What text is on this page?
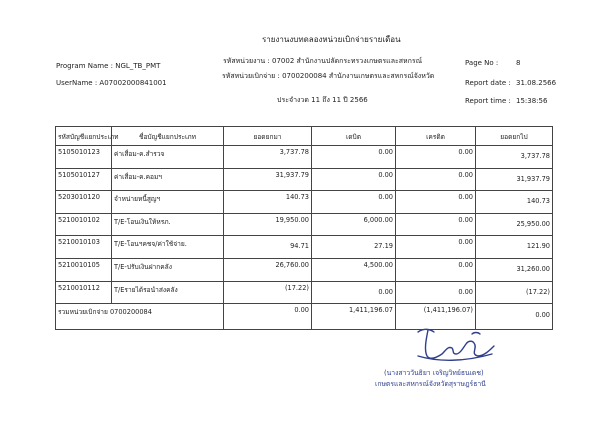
รายงานงบทดลองหน่วยเบิกจ่ายรายเดือน
Program Name : NGL_TB_PMT
UserName : A07002000841001
รหัสหน่วยงาน : 07002 สำนักงานปลัดกระทรวงเกษตรและสหกรณ์
รหัสหน่วยเบิกจ่าย : 0700200084 สำนักงานเกษตรและสหกรณ์จังหวัด
ประจำงวด 11 ถึง 11 ปี 2566
Page No :	8
Report date : 31.08.2566
Report time : 15:38:56
รหัสบัญชีแยกประเภท	ชื่อบัญชีแยกประเภท	ยอดยกมา	เดบิต	เครดิต	ยอดยกไป
5105010123	ค่าเสื่อม-ค.สำรวจ	3,737.78	0.00	0.00	3,737.78
5105010127	ค่าเสื่อม-ค.คอมฯ	31,937.79	0.00	0.00	31,937.79
5203010120	จำหน่ายหนี้สูญฯ	140.73	0.00	0.00	140.73
5210010102	T/E-โอนเงินให้หรภ.	19,950.00	6,000.00	0.00	25,950.00
5210010103	T/E-โอนฯคชจ/ค่าใช้จ่าย.	94.71	27.19	0.00	121.90
5210010105	T/E-ปรับเงินฝากคลัง	26,760.00	4,500.00	0.00	31,260.00
5210010112	T/Eรายได้รอนำส่งคลัง	(17.22)	0.00	0.00	(17.22)
รวมหน่วยเบิกจ่าย 0700200084		0.00	1,411,196.07	(1,411,196.07)	0.00
(นางสาววันธิยา เจริญวิทย์ธนเดช)
เกษตรและสหกรณ์จังหวัดสุราษฎร์ธานี
